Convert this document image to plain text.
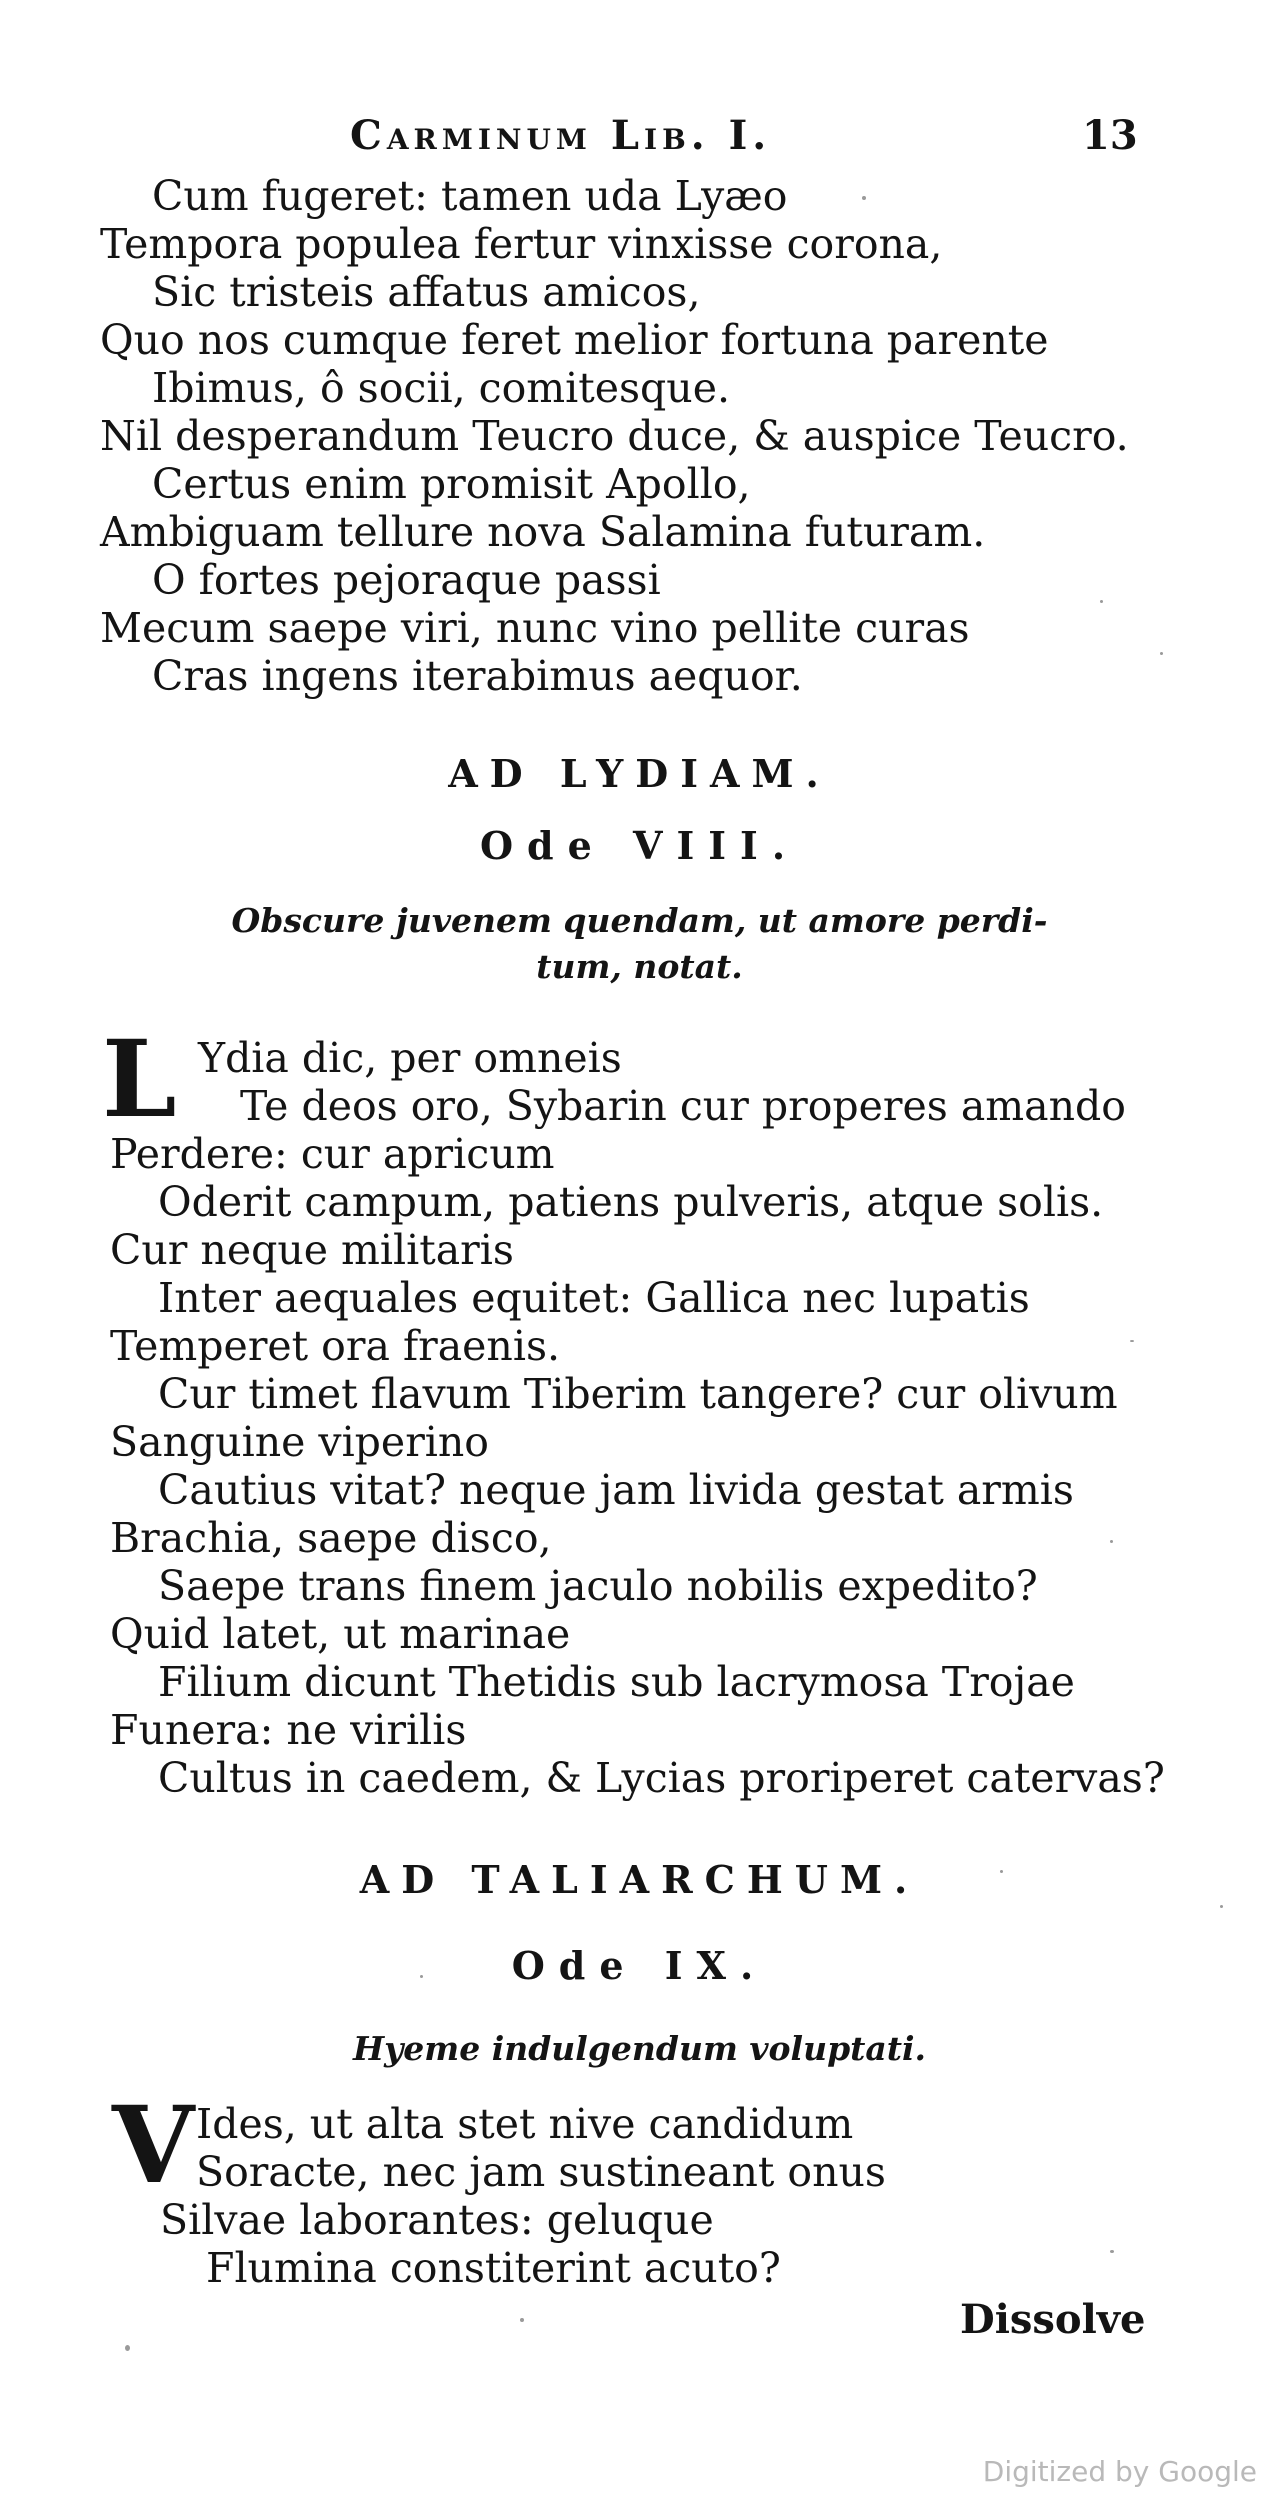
Carminum Lib. I.	13
Cum fugeret: tamen uda Lyæo
Tempora populea fertur vinxisse corona,
Sic tristeis affatus amicos,
Quo nos cumque feret melior fortuna parente
Ibimus, ô socii, comitesque.
Nil desperandum Teucro duce, & auspice Teucro.
Certus enim promisit Apollo,
Ambiguam tellure nova Salamina futuram.
O fortes pejoraque passi
Mecum saepe viri, nunc vino pellite curas
Cras ingens iterabimus aequor.
AD LYDIAM.
Ode VIII.
Obscure juvenem quendam, ut amore perdi-
tum, notat.
L Ydia dic, per omneis
Te deos oro, Sybarin cur properes amando
Perdere: cur apricum
Oderit campum, patiens pulveris, atque solis.
Cur neque militaris
Inter aequales equitet: Gallica nec lupatis
Temperet ora fraenis.
Cur timet flavum Tiberim tangere? cur olivum
Sanguine viperino
Cautius vitat? neque jam livida gestat armis
Brachia, saepe disco,
Saepe trans finem jaculo nobilis expedito?
Quid latet, ut marinae
Filium dicunt Thetidis sub lacrymosa Trojae
Funera: ne virilis
Cultus in caedem, & Lycias proriperet catervas?
AD TALIARCHUM.
Ode IX.
Hyeme indulgendum voluptati.
V Ides, ut alta stet nive candidum
Soracte, nec jam sustineant onus
Silvae laborantes: geluque
Flumina constiterint acuto?
Dissolve
Digitized by Google
